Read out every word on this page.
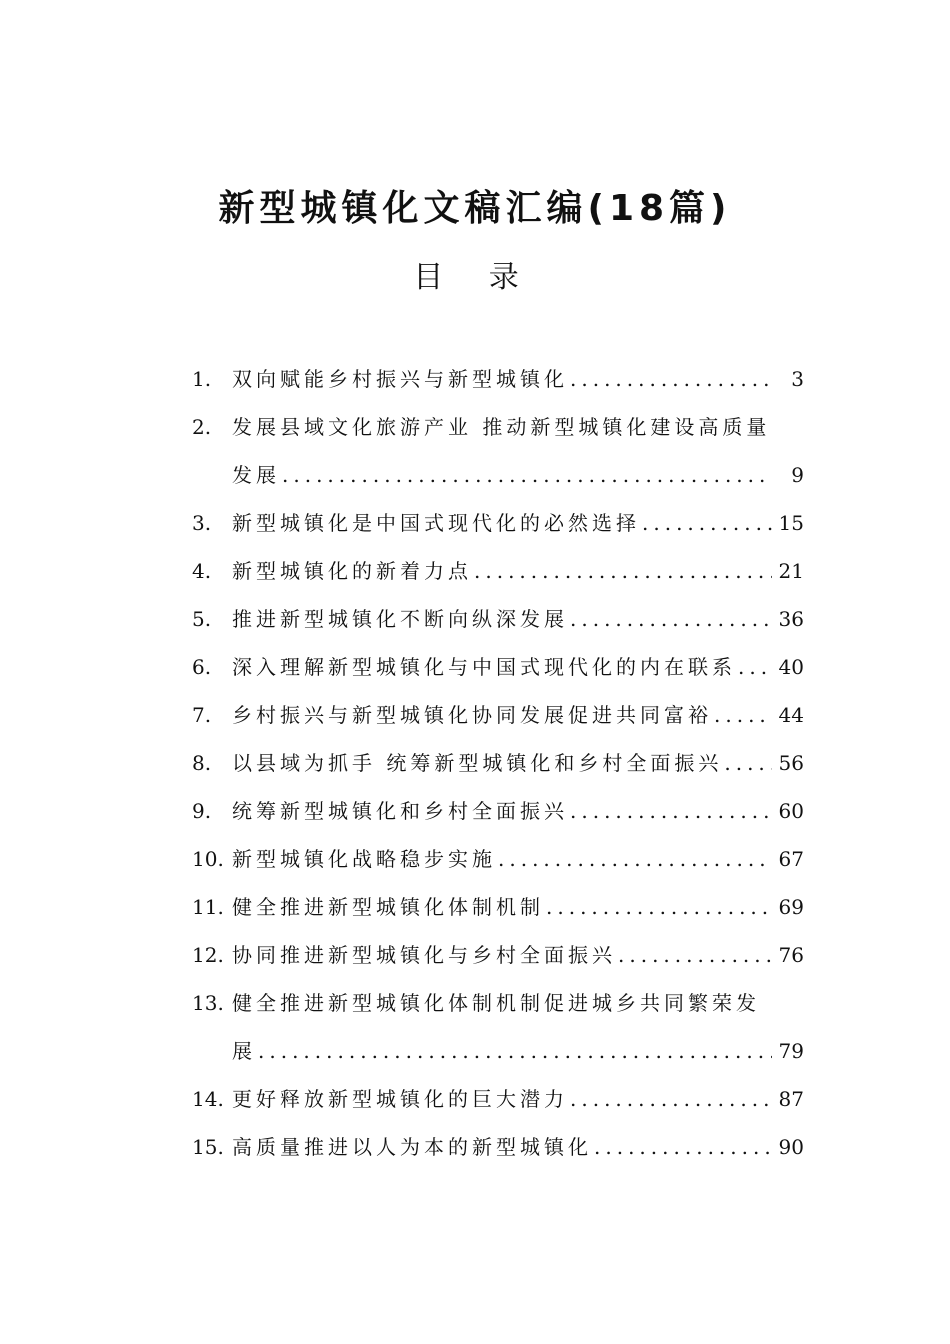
新型城镇化文稿汇编(18篇)
目 录
1.	双向赋能乡村振兴与新型城镇化 .....	3
2.	发展县域文化旅游产业 推动新型城镇化建设高质量
发展 .....	9
3.	新型城镇化是中国式现代化的必然选择 .....	15
4.	新型城镇化的新着力点 .....	21
5.	推进新型城镇化不断向纵深发展 .....	36
6.	深入理解新型城镇化与中国式现代化的内在联系 .....	40
7.	乡村振兴与新型城镇化协同发展促进共同富裕 .....	44
8.	以县域为抓手 统筹新型城镇化和乡村全面振兴 .....	56
9.	统筹新型城镇化和乡村全面振兴 .....	60
10. 新型城镇化战略稳步实施 .....	67
11. 健全推进新型城镇化体制机制 .....	69
12. 协同推进新型城镇化与乡村全面振兴 .....	76
13. 健全推进新型城镇化体制机制促进城乡共同繁荣发
展 .....	79
14. 更好释放新型城镇化的巨大潜力 .....	87
15. 高质量推进以人为本的新型城镇化 .....	90
